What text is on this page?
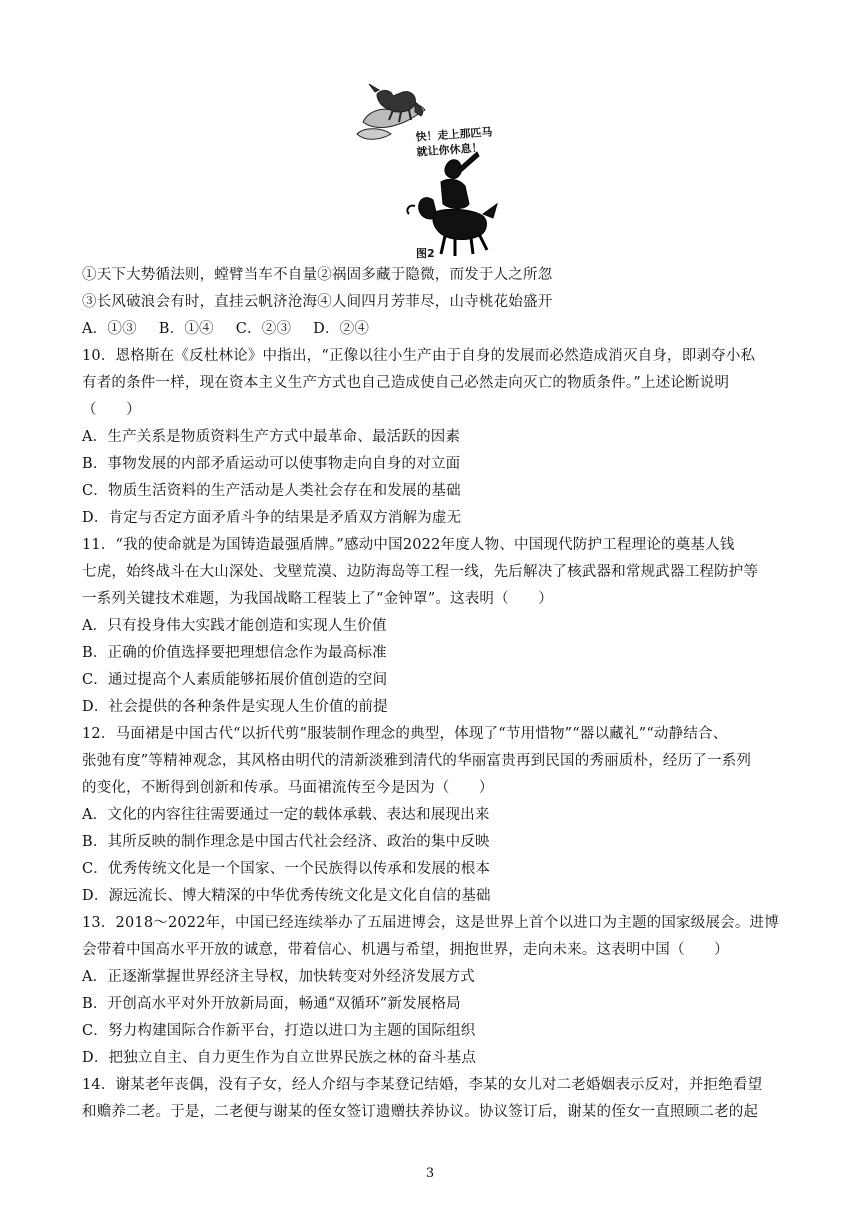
快！走上那匹马
就让你休息！
图2
①天下大势循法则，螳臂当车不自量②祸固多藏于隐微，而发于人之所忽
③长风破浪会有时，直挂云帆济沧海④人间四月芳菲尽，山寺桃花始盛开
A．①③ B．①④ C．②③ D．②④
10．恩格斯在《反杜林论》中指出，“正像以往小生产由于自身的发展而必然造成消灭自身，即剥夺小私
有者的条件一样，现在资本主义生产方式也自己造成使自己必然走向灭亡的物质条件。”上述论断说明
（　　）
A．生产关系是物质资料生产方式中最革命、最活跃的因素
B．事物发展的内部矛盾运动可以使事物走向自身的对立面
C．物质生活资料的生产活动是人类社会存在和发展的基础
D．肯定与否定方面矛盾斗争的结果是矛盾双方消解为虚无
11．“我的使命就是为国铸造最强盾牌。”感动中国2022年度人物、中国现代防护工程理论的奠基人钱
七虎，始终战斗在大山深处、戈壁荒漠、边防海岛等工程一线，先后解决了核武器和常规武器工程防护等
一系列关键技术难题，为我国战略工程装上了“金钟罩”。这表明（　　）
A．只有投身伟大实践才能创造和实现人生价值
B．正确的价值选择要把理想信念作为最高标准
C．通过提高个人素质能够拓展价值创造的空间
D．社会提供的各种条件是实现人生价值的前提
12．马面裙是中国古代“以折代剪”服装制作理念的典型，体现了“节用惜物”“器以藏礼”“动静结合、
张弛有度”等精神观念，其风格由明代的清新淡雅到清代的华丽富贵再到民国的秀丽质朴，经历了一系列
的变化，不断得到创新和传承。马面裙流传至今是因为（　　）
A．文化的内容往往需要通过一定的载体承载、表达和展现出来
B．其所反映的制作理念是中国古代社会经济、政治的集中反映
C．优秀传统文化是一个国家、一个民族得以传承和发展的根本
D．源远流长、博大精深的中华优秀传统文化是文化自信的基础
13．2018～2022年，中国已经连续举办了五届进博会，这是世界上首个以进口为主题的国家级展会。进博
会带着中国高水平开放的诚意，带着信心、机遇与希望，拥抱世界，走向未来。这表明中国（　　）
A．正逐渐掌握世界经济主导权，加快转变对外经济发展方式
B．开创高水平对外开放新局面，畅通“双循环”新发展格局
C．努力构建国际合作新平台，打造以进口为主题的国际组织
D．把独立自主、自力更生作为自立世界民族之林的奋斗基点
14．谢某老年丧偶，没有子女，经人介绍与李某登记结婚，李某的女儿对二老婚姻表示反对，并拒绝看望
和赡养二老。于是，二老便与谢某的侄女签订遗赠扶养协议。协议签订后，谢某的侄女一直照顾二老的起
3
